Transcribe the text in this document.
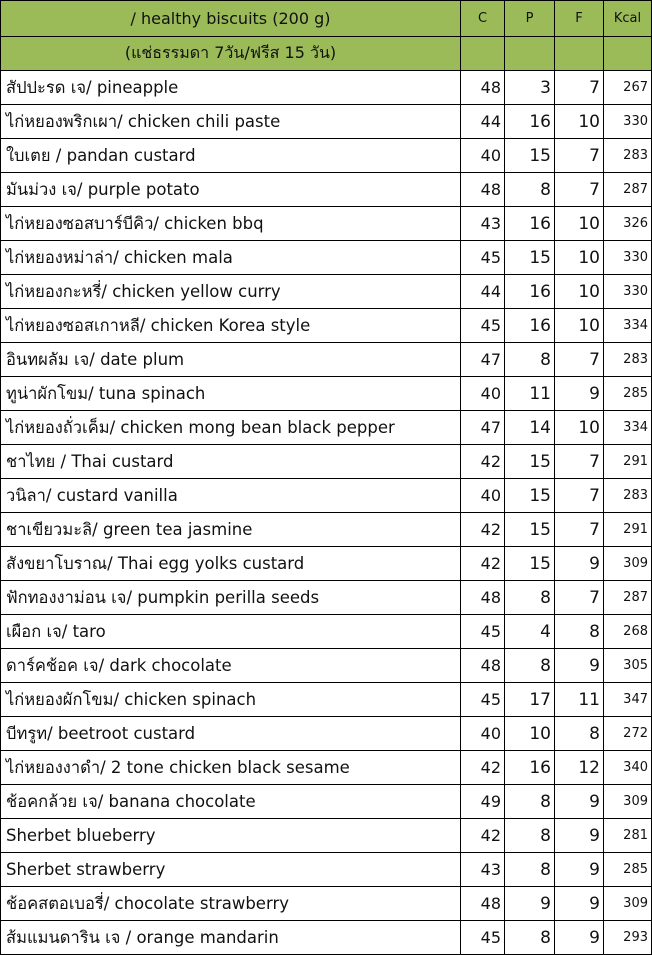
/ healthy biscuits (200 g)	C	P	F	Kcal
(แช่ธรรมดา 7วัน/ฟรีส 15 วัน)				
สัปปะรด เจ/ pineapple	48	3	7	267
ไก่หยองพริกเผา/ chicken chili paste	44	16	10	330
ใบเตย / pandan custard	40	15	7	283
มันม่วง เจ/ purple potato	48	8	7	287
ไก่หยองซอสบาร์บีคิว/ chicken bbq	43	16	10	326
ไก่หยองหม่าล่า/ chicken mala	45	15	10	330
ไก่หยองกะหรี่/ chicken yellow curry	44	16	10	330
ไก่หยองซอสเกาหลี/ chicken Korea style	45	16	10	334
อินทผลัม เจ/ date plum	47	8	7	283
ทูน่าผักโขม/ tuna spinach	40	11	9	285
ไก่หยองถั่วเค็ม/ chicken mong bean black pepper	47	14	10	334
ชาไทย / Thai custard	42	15	7	291
วนิลา/ custard vanilla	40	15	7	283
ชาเขียวมะลิ/ green tea jasmine	42	15	7	291
สังขยาโบราณ/ Thai egg yolks custard	42	15	9	309
ฟักทองงาม่อน เจ/ pumpkin perilla seeds	48	8	7	287
เผือก เจ/ taro	45	4	8	268
ดาร์คช้อค เจ/ dark chocolate	48	8	9	305
ไก่หยองผักโขม/ chicken spinach	45	17	11	347
บีทรูท/ beetroot custard	40	10	8	272
ไก่หยองงาดำ/ 2 tone chicken black sesame	42	16	12	340
ช้อคกล้วย เจ/ banana chocolate	49	8	9	309
Sherbet blueberry	42	8	9	281
Sherbet strawberry	43	8	9	285
ช้อคสตอเบอรี่/ chocolate strawberry	48	9	9	309
ส้มแมนดาริน เจ / orange mandarin	45	8	9	293
